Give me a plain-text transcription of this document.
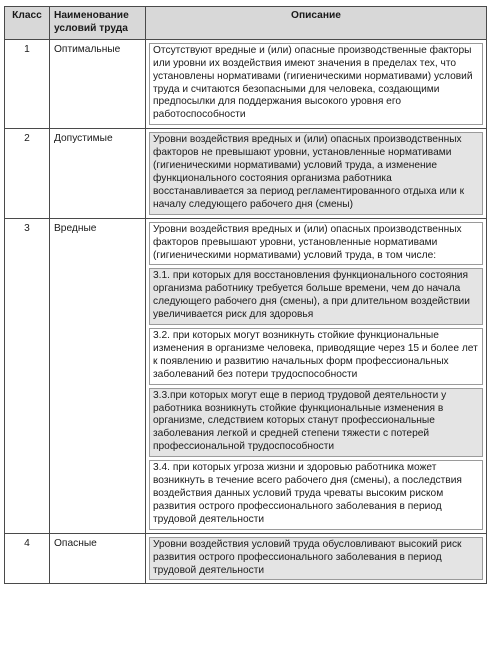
Класс	Наименование условий труда	Описание
1	Оптимальные	Отсутствуют вредные и (или) опасные производственные факторы или уровни их воздействия имеют значения в пределах тех, что установлены нормативами (гигиеническими нормативами) условий труда и считаются безопасными для человека, создающими предпосылки для поддержания высокого уровня его работоспособности

2	Допустимые	Уровни воздействия вредных и (или) опасных производственных факторов не превышают уровни, установленные нормативами (гигиеническими нормативами) условий труда, а изменение функционального состояния организма работника восстанавливается за период регламентированного отдыха или к началу следующего рабочего дня (смены)

3	Вредные	Уровни воздействия вредных и (или) опасных производственных факторов превышают уровни, установленные нормативами (гигиеническими нормативами) условий труда, в том числе:
3.1. при которых для восстановления функционального состояния организма работнику требуется больше времени, чем до начала следующего рабочего дня (смены), а при длительном воздействии увеличивается риск для здоровья
3.2. при которых могут возникнуть стойкие функциональные изменения в организме человека, приводящие через 15 и более лет к появлению и развитию начальных форм профессиональных заболеваний без потери трудоспособности
3.3.при которых могут еще в период трудовой деятельности у работника возникнуть стойкие функциональные изменения в организме, следствием которых станут профессиональные заболевания легкой и средней степени тяжести с потерей профессиональной трудоспособности
3.4. при которых угроза жизни и здоровью работника может возникнуть в течение всего рабочего дня (смены), а последствия воздействия данных условий труда чреваты высоким риском развития острого профессионального заболевания в период трудовой деятельности

4	Опасные	Уровни воздействия условий труда обусловливают высокий риск развития острого профессионального заболевания в период трудовой деятельности
